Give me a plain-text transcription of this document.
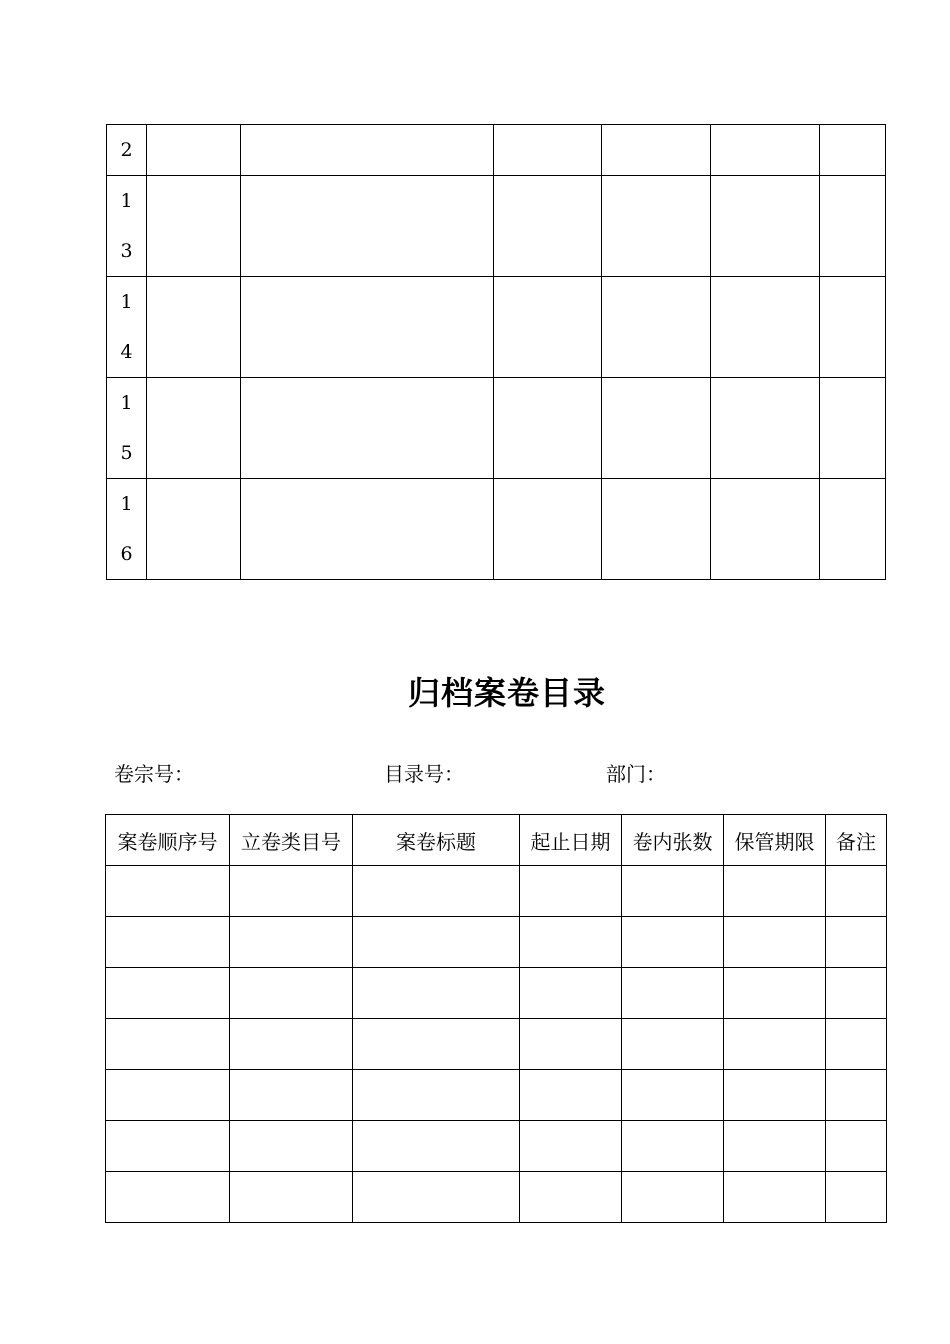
2						

1
3						

1
4						

1
5						

1
6						

归档案卷目录
卷宗号：	目录号：	部门：
案卷顺序号	立卷类目号	案卷标题	起止日期	卷内张数	保管期限	备注
